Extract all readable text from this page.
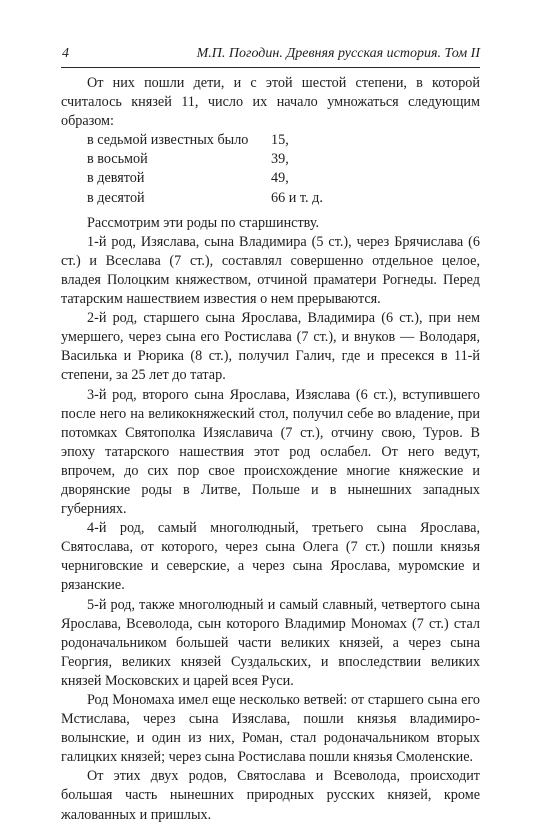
4	М.П. Погодин. Древняя русская история. Том II

От них пошли дети, и с этой шестой степени, в которой считалось князей 11, число их начало умножаться следующим образом:

в седьмой известных было	15,
в восьмой	39,
в девятой	49,
в десятой	66 и т. д.

Рассмотрим эти роды по старшинству.

1-й род, Изяслава, сына Владимира (5 ст.), через Брячислава (6 ст.) и Всеслава (7 ст.), составлял совершенно отдельное целое, владея Полоцким княжеством, отчиной праматери Рогнеды. Перед татарским нашествием известия о нем прерываются.

2-й род, старшего сына Ярослава, Владимира (6 ст.), при нем умершего, через сына его Ростислава (7 ст.), и внуков — Володаря, Василька и Рюрика (8 ст.), получил Галич, где и пресекся в 11-й степени, за 25 лет до татар.

3-й род, второго сына Ярослава, Изяслава (6 ст.), вступившего после него на великокняжеский стол, получил себе во владение, при потомках Святополка Изяславича (7 ст.), отчину свою, Туров. В эпоху татарского нашествия этот род ослабел. От него ведут, впрочем, до сих пор свое происхождение многие княжеские и дворянские роды в Литве, Польше и в нынешних западных губерниях.

4-й род, самый многолюдный, третьего сына Ярослава, Святослава, от которого, через сына Олега (7 ст.) пошли князья черниговские и северские, а через сына Ярослава, муромские и рязанские.

5-й род, также многолюдный и самый славный, четвертого сына Ярослава, Всеволода, сын которого Владимир Мономах (7 ст.) стал родоначальником большей части великих князей, а через сына Георгия, великих князей Суздальских, и впоследствии великих князей Московских и царей всея Руси.

Род Мономаха имел еще несколько ветвей: от старшего сына его Мстислава, через сына Изяслава, пошли князья владимиро-волынские, и один из них, Роман, стал родоначальником вторых галицких князей; через сына Ростислава пошли князья Смоленские.

От этих двух родов, Святослава и Всеволода, происходит большая часть нынешних природных русских князей, кроме жалованных и пришлых.
